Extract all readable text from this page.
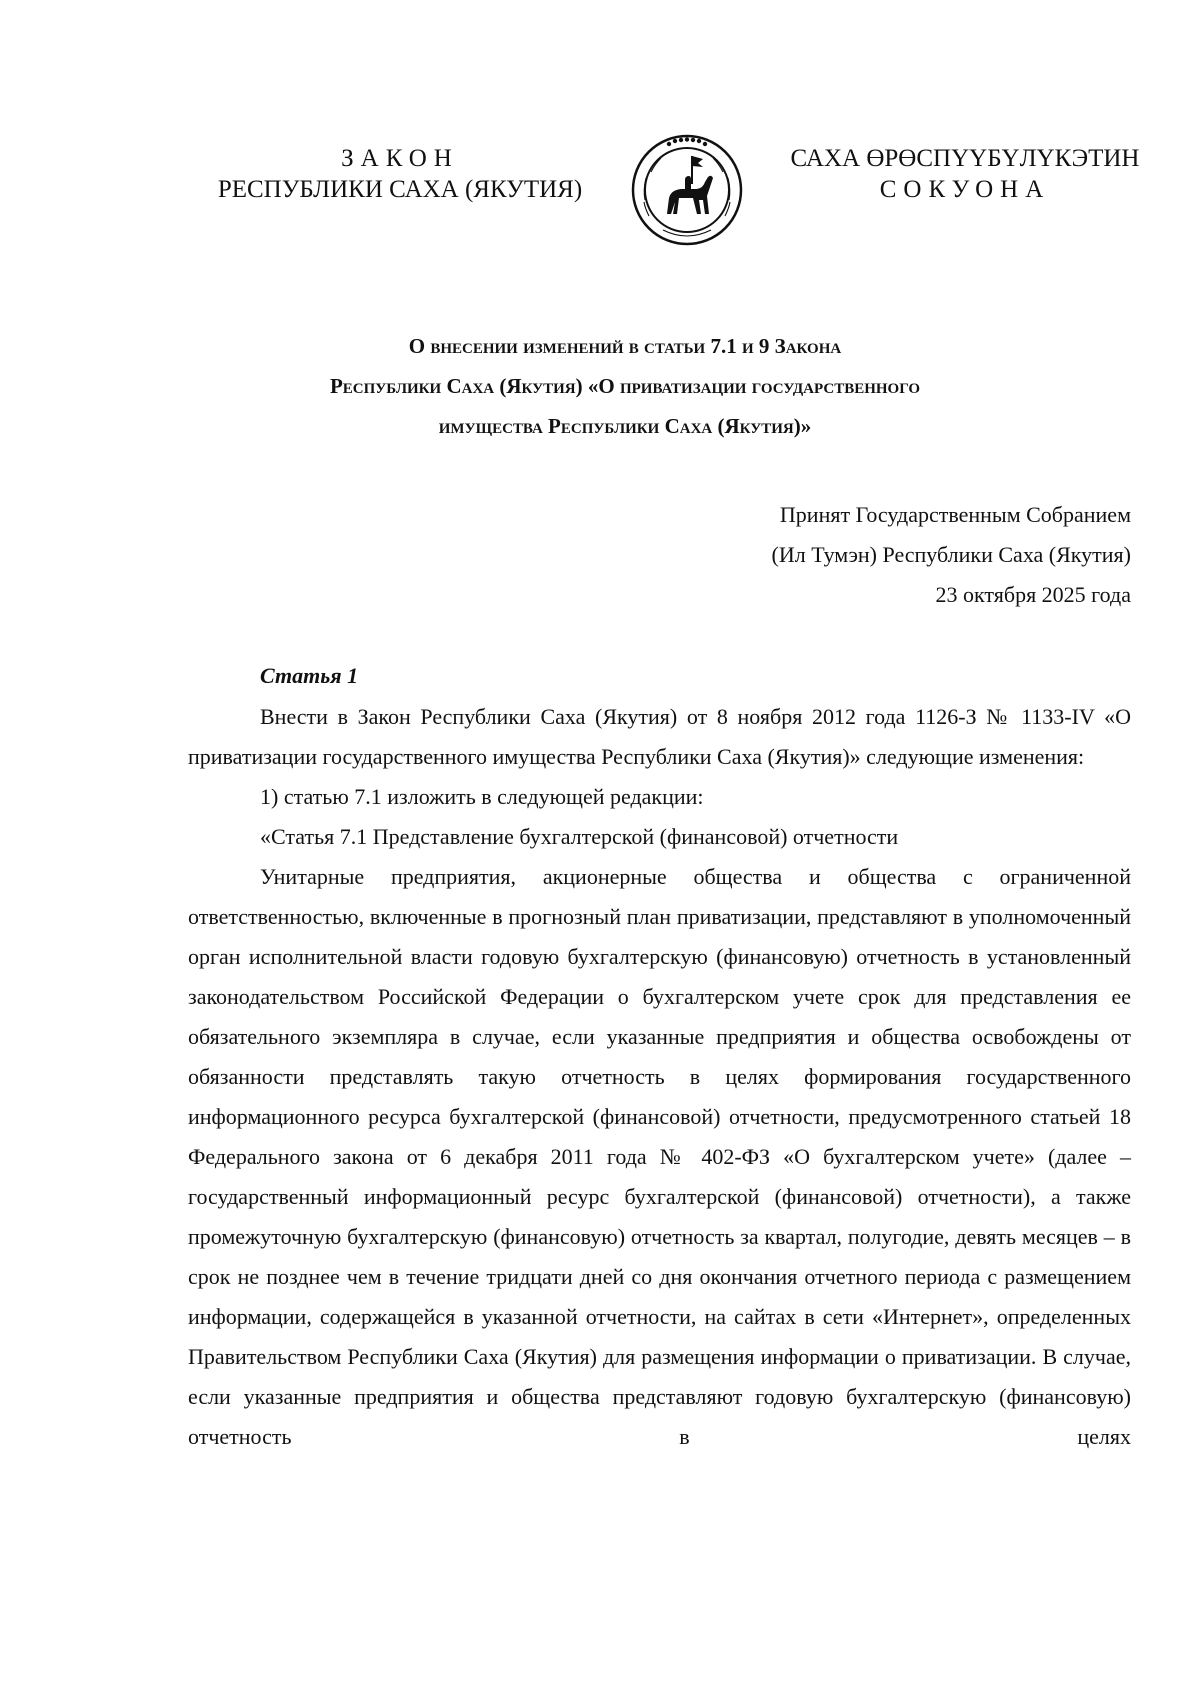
ЗАКОН
РЕСПУБЛИКИ САХА (ЯКУТИЯ)
САХА ӨРӨСПҮҮБҮЛҮКЭТИН
СОКУОНА
О внесении изменений в статьи 7.1 и 9 Закона
Республики Саха (Якутия) «О приватизации государственного
имущества Республики Саха (Якутия)»
Принят Государственным Собранием
(Ил Тумэн) Республики Саха (Якутия)
23 октября 2025 года
Статья 1

Внести в Закон Республики Саха (Якутия) от 8 ноября 2012 года 1126-З № 1133-IV «О приватизации государственного имущества Республики Саха (Якутия)» следующие изменения:

1) статью 7.1 изложить в следующей редакции:

«Статья 7.1 Представление бухгалтерской (финансовой) отчетности

Унитарные предприятия, акционерные общества и общества с ограниченной ответственностью, включенные в прогнозный план приватизации, представляют в уполномоченный орган исполнительной власти годовую бухгалтерскую (финансовую) отчетность в установленный законодательством Российской Федерации о бухгалтерском учете срок для представления ее обязательного экземпляра в случае, если указанные предприятия и общества освобождены от обязанности представлять такую отчетность в целях формирования государственного информационного ресурса бухгалтерской (финансовой) отчетности, предусмотренного статьей 18 Федерального закона от 6 декабря 2011 года № 402-ФЗ «О бухгалтерском учете» (далее – государственный информационный ресурс бухгалтерской (финансовой) отчетности), а также промежуточную бухгалтерскую (финансовую) отчетность за квартал, полугодие, девять месяцев – в срок не позднее чем в течение тридцати дней со дня окончания отчетного периода с размещением информации, содержащейся в указанной отчетности, на сайтах в сети «Интернет», определенных Правительством Республики Саха (Якутия) для размещения информации о приватизации. В случае, если указанные предприятия и общества представляют годовую бухгалтерскую (финансовую) отчетность в целях
